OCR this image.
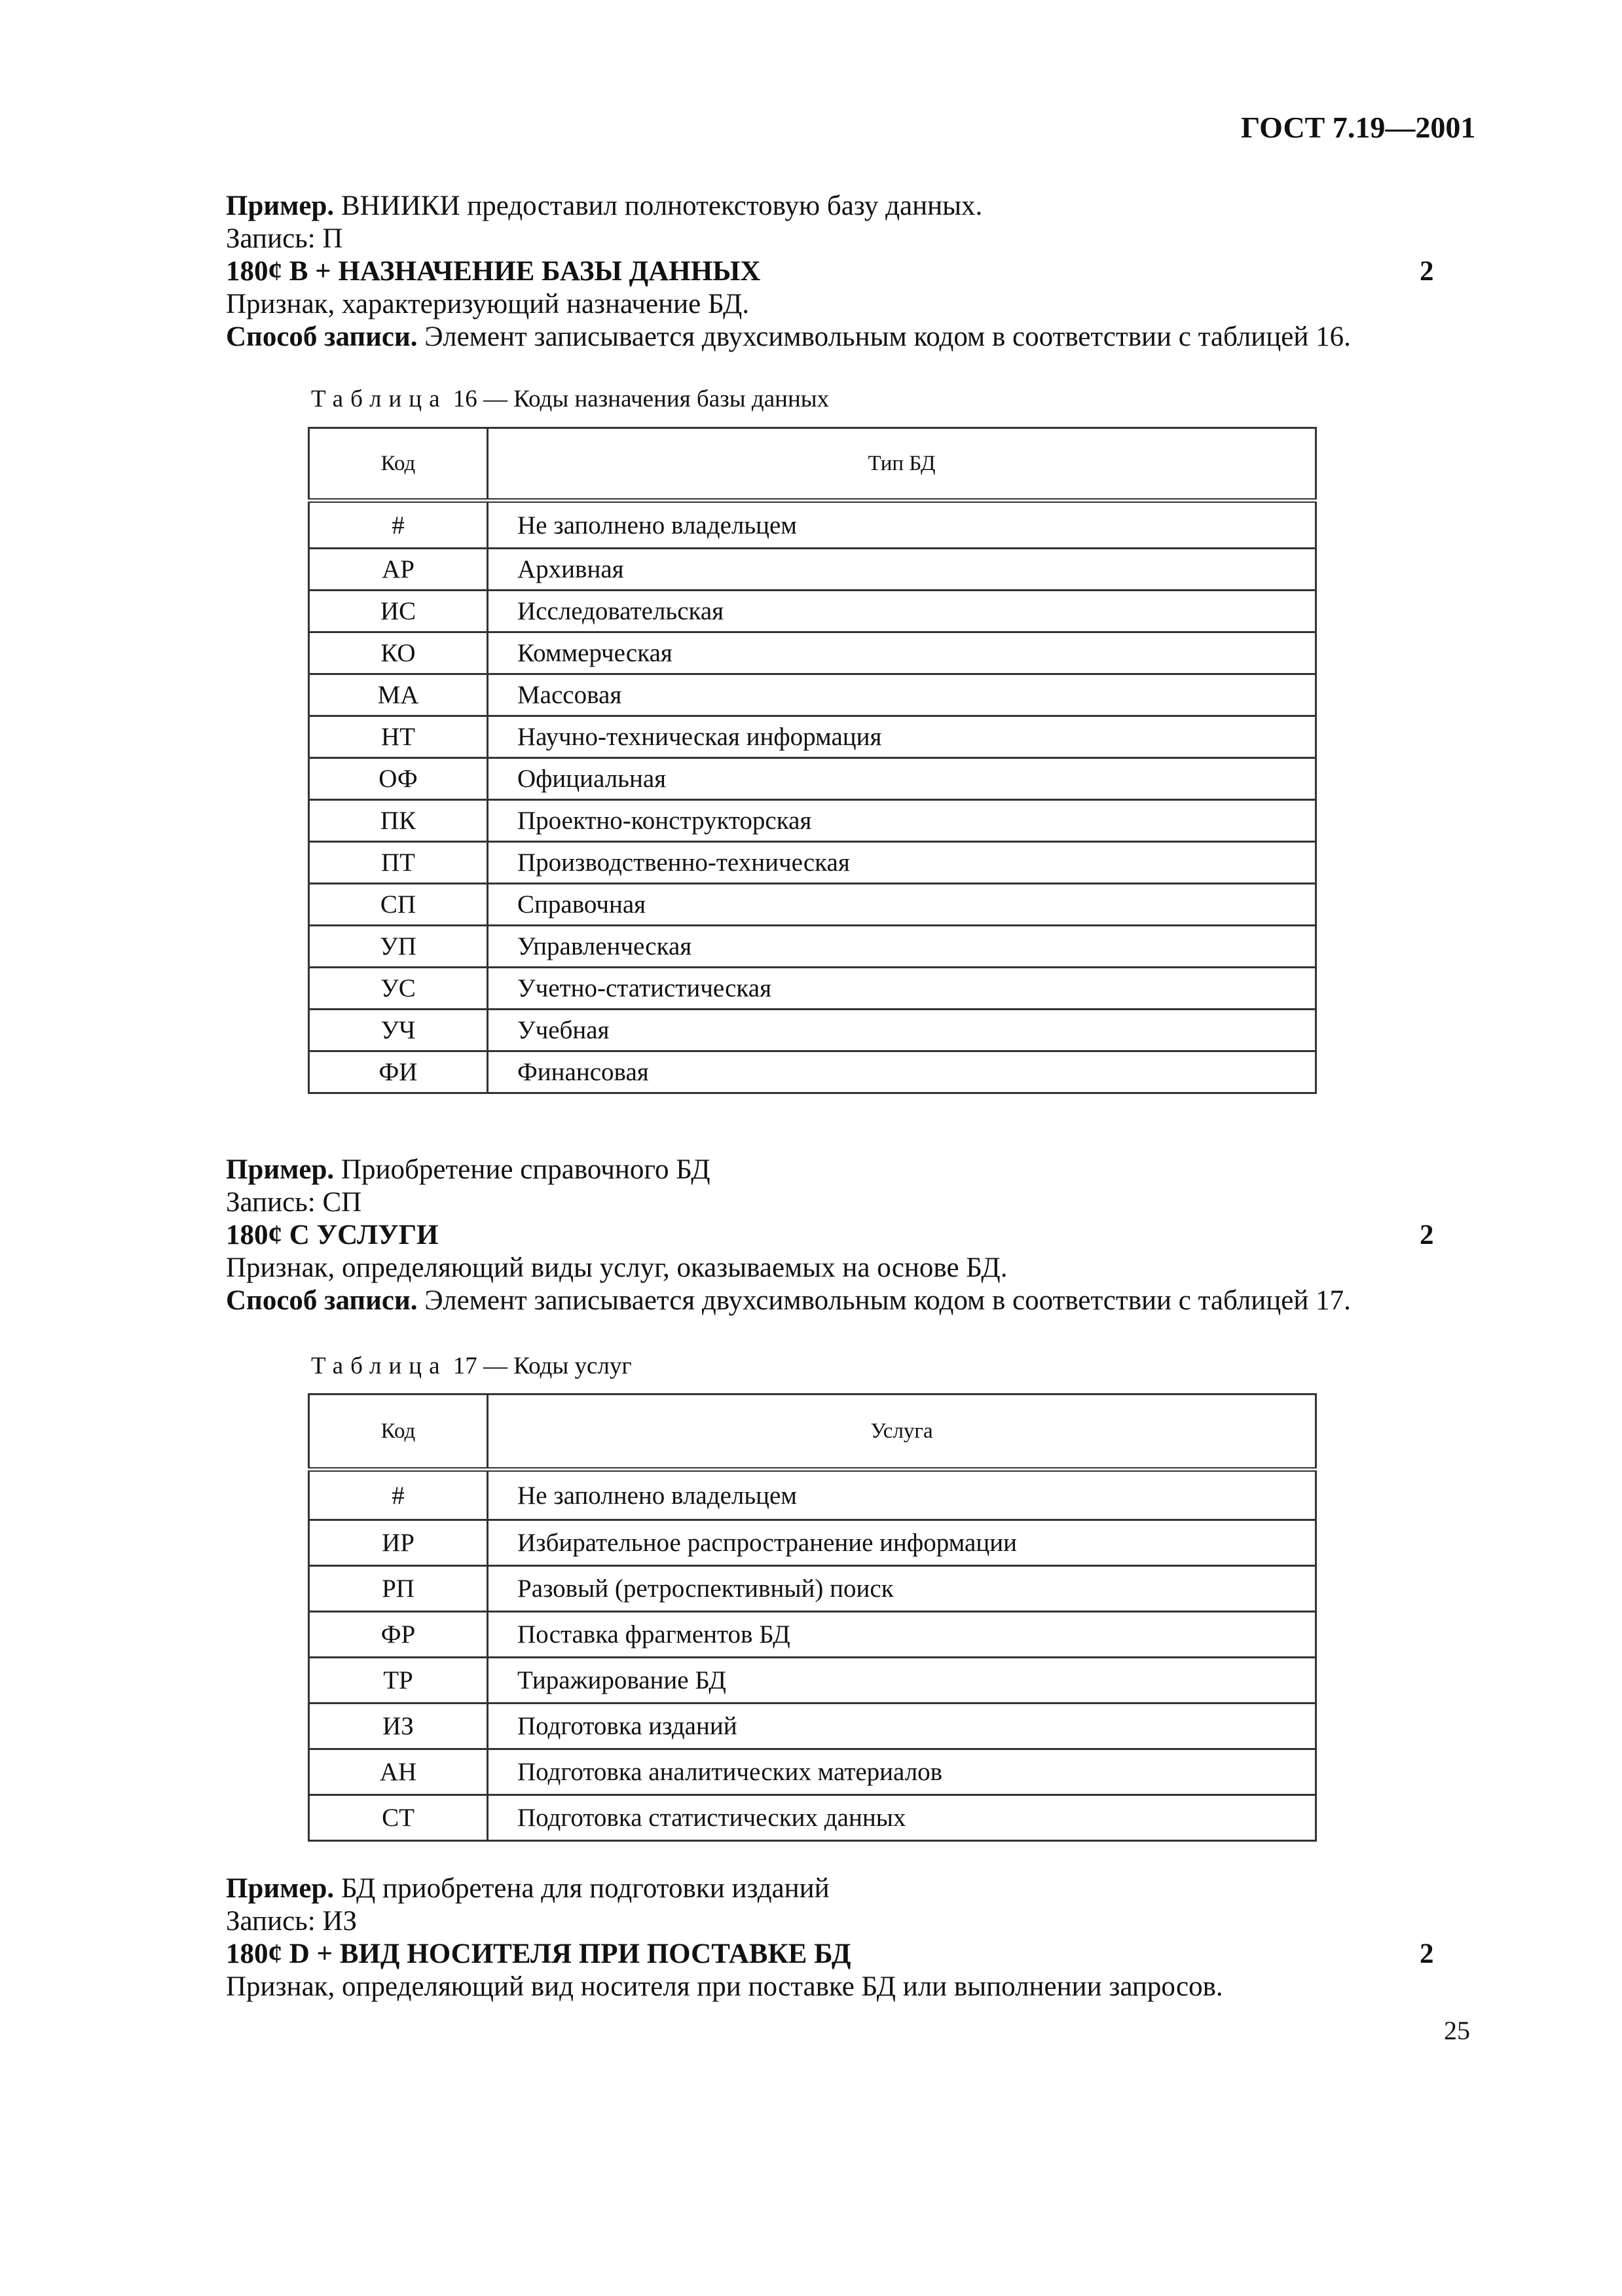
ГОСТ 7.19—2001
Пример. ВНИИКИ предоставил полнотекстовую базу данных.
Запись: П
180¢ B + НАЗНАЧЕНИЕ БАЗЫ ДАННЫХ	2
Признак, характеризующий назначение БД.
Способ записи. Элемент записывается двухсимвольным кодом в соответствии с таблицей 16.
Таблица 16 — Коды назначения базы данных
Код	Тип БД
#	Не заполнено владельцем
АР	Архивная
ИС	Исследовательская
КО	Коммерческая
МА	Массовая
НТ	Научно-техническая информация
ОФ	Официальная
ПК	Проектно-конструкторская
ПТ	Производственно-техническая
СП	Справочная
УП	Управленческая
УС	Учетно-статистическая
УЧ	Учебная
ФИ	Финансовая
Пример. Приобретение справочного БД
Запись: СП
180¢ C УСЛУГИ	2
Признак, определяющий виды услуг, оказываемых на основе БД.
Способ записи. Элемент записывается двухсимвольным кодом в соответствии с таблицей 17.
Таблица 17 — Коды услуг
Код	Услуга
#	Не заполнено владельцем
ИР	Избирательное распространение информации
РП	Разовый (ретроспективный) поиск
ФР	Поставка фрагментов БД
ТР	Тиражирование БД
ИЗ	Подготовка изданий
АН	Подготовка аналитических материалов
СТ	Подготовка статистических данных
Пример. БД приобретена для подготовки изданий
Запись: ИЗ
180¢ D + ВИД НОСИТЕЛЯ ПРИ ПОСТАВКЕ БД	2
Признак, определяющий вид носителя при поставке БД или выполнении запросов.
25
